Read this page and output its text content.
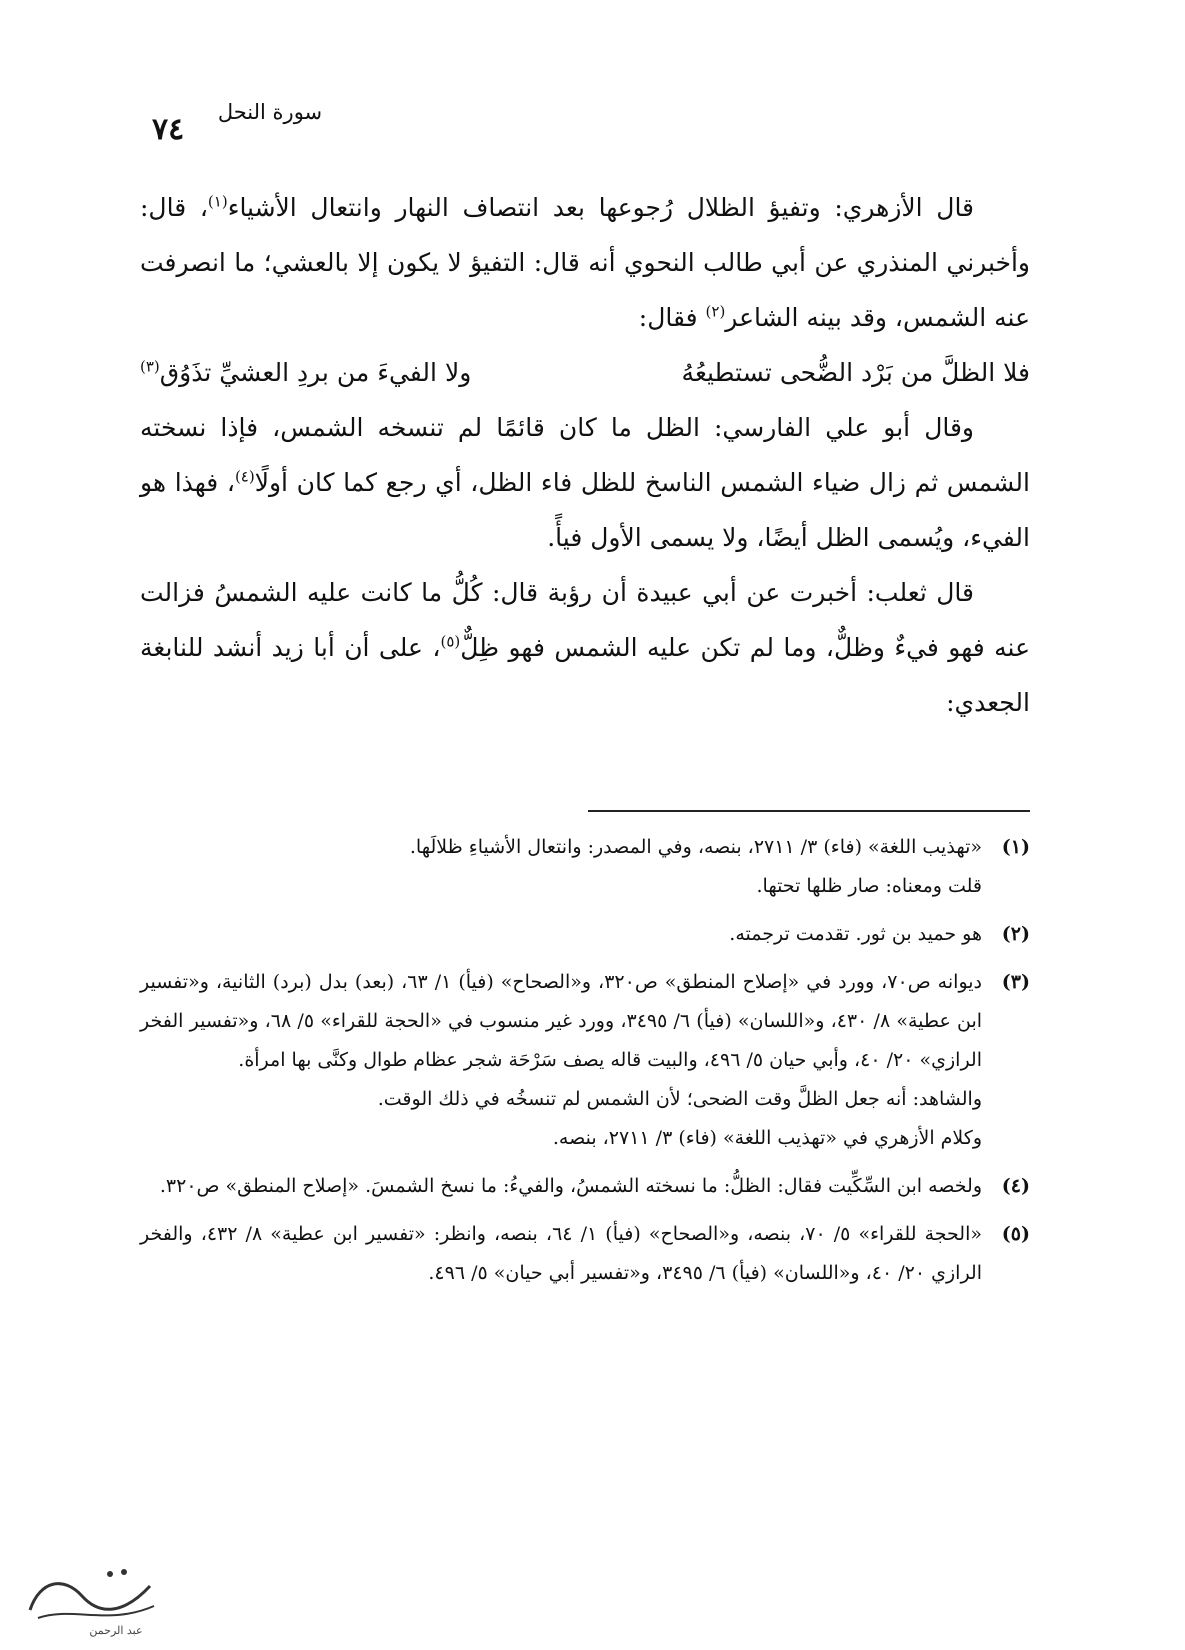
٧٤	سورة النحل

قال الأزهري: وتفيؤ الظلال رُجوعها بعد انتصاف النهار وانتعال الأشياء$^{(١)}$، قال: وأخبرني المنذري عن أبي طالب النحوي أنه قال: التفيؤ لا يكون إلا بالعشي؛ ما انصرفت عنه الشمس، وقد بينه الشاعر$^{(٢)}$ فقال:

فلا الظلَّ من بَرْد الضُّحى تستطيعُهُ
ولا الفيءَ من بردِ العشيِّ تذَوُق$^{(٣)}$

وقال أبو علي الفارسي: الظل ما كان قائمًا لم تنسخه الشمس، فإذا نسخته الشمس ثم زال ضياء الشمس الناسخ للظل فاء الظل، أي رجع كما كان أولًا$^{(٤)}$، فهذا هو الفيء، ويُسمى الظل أيضًا، ولا يسمى الأول فيأً.

قال ثعلب: أخبرت عن أبي عبيدة أن رؤبة قال: كُلُّ ما كانت عليه الشمسُ فزالت عنه فهو فيءٌ وظلٌّ، وما لم تكن عليه الشمس فهو ظِلٌّ$^{(٥)}$، على أن أبا زيد أنشد للنابغة الجعدي:

(١)

«تهذيب اللغة» (فاء) ٣/ ٢٧١١، بنصه، وفي المصدر: وانتعال الأشياءِ ظلالَها.

قلت ومعناه: صار ظلها تحتها.

(٢)

هو حميد بن ثور. تقدمت ترجمته.

(٣)

ديوانه ص٧٠، وورد في «إصلاح المنطق» ص٣٢٠، و«الصحاح» (فيأ) ١/ ٦٣، (بعد) بدل (برد) الثانية، و«تفسير ابن عطية» ٨/ ٤٣٠، و«اللسان» (فيأ) ٦/ ٣٤٩٥، وورد غير منسوب في «الحجة للقراء» ٥/ ٦٨، و«تفسير الفخر الرازي» ٢٠/ ٤٠، وأبي حيان ٥/ ٤٩٦، والبيت قاله يصف سَرْحَة شجر عظام طوال وكنَّى بها امرأة.

والشاهد: أنه جعل الظلَّ وقت الضحى؛ لأن الشمس لم تنسخُه في ذلك الوقت.

وكلام الأزهري في «تهذيب اللغة» (فاء) ٣/ ٢٧١١، بنصه.

(٤)

ولخصه ابن السِّكِّيت فقال: الظلُّ: ما نسخته الشمسُ، والفيءُ: ما نسخ الشمسَ. «إصلاح المنطق» ص٣٢٠.

(٥)

«الحجة للقراء» ٥/ ٧٠، بنصه، و«الصحاح» (فيأ) ١/ ٦٤، بنصه، وانظر: «تفسير ابن عطية» ٨/ ٤٣٢، والفخر الرازي ٢٠/ ٤٠، و«اللسان» (فيأ) ٦/ ٣٤٩٥، و«تفسير أبي حيان» ٥/ ٤٩٦.

عبد الرحمن
